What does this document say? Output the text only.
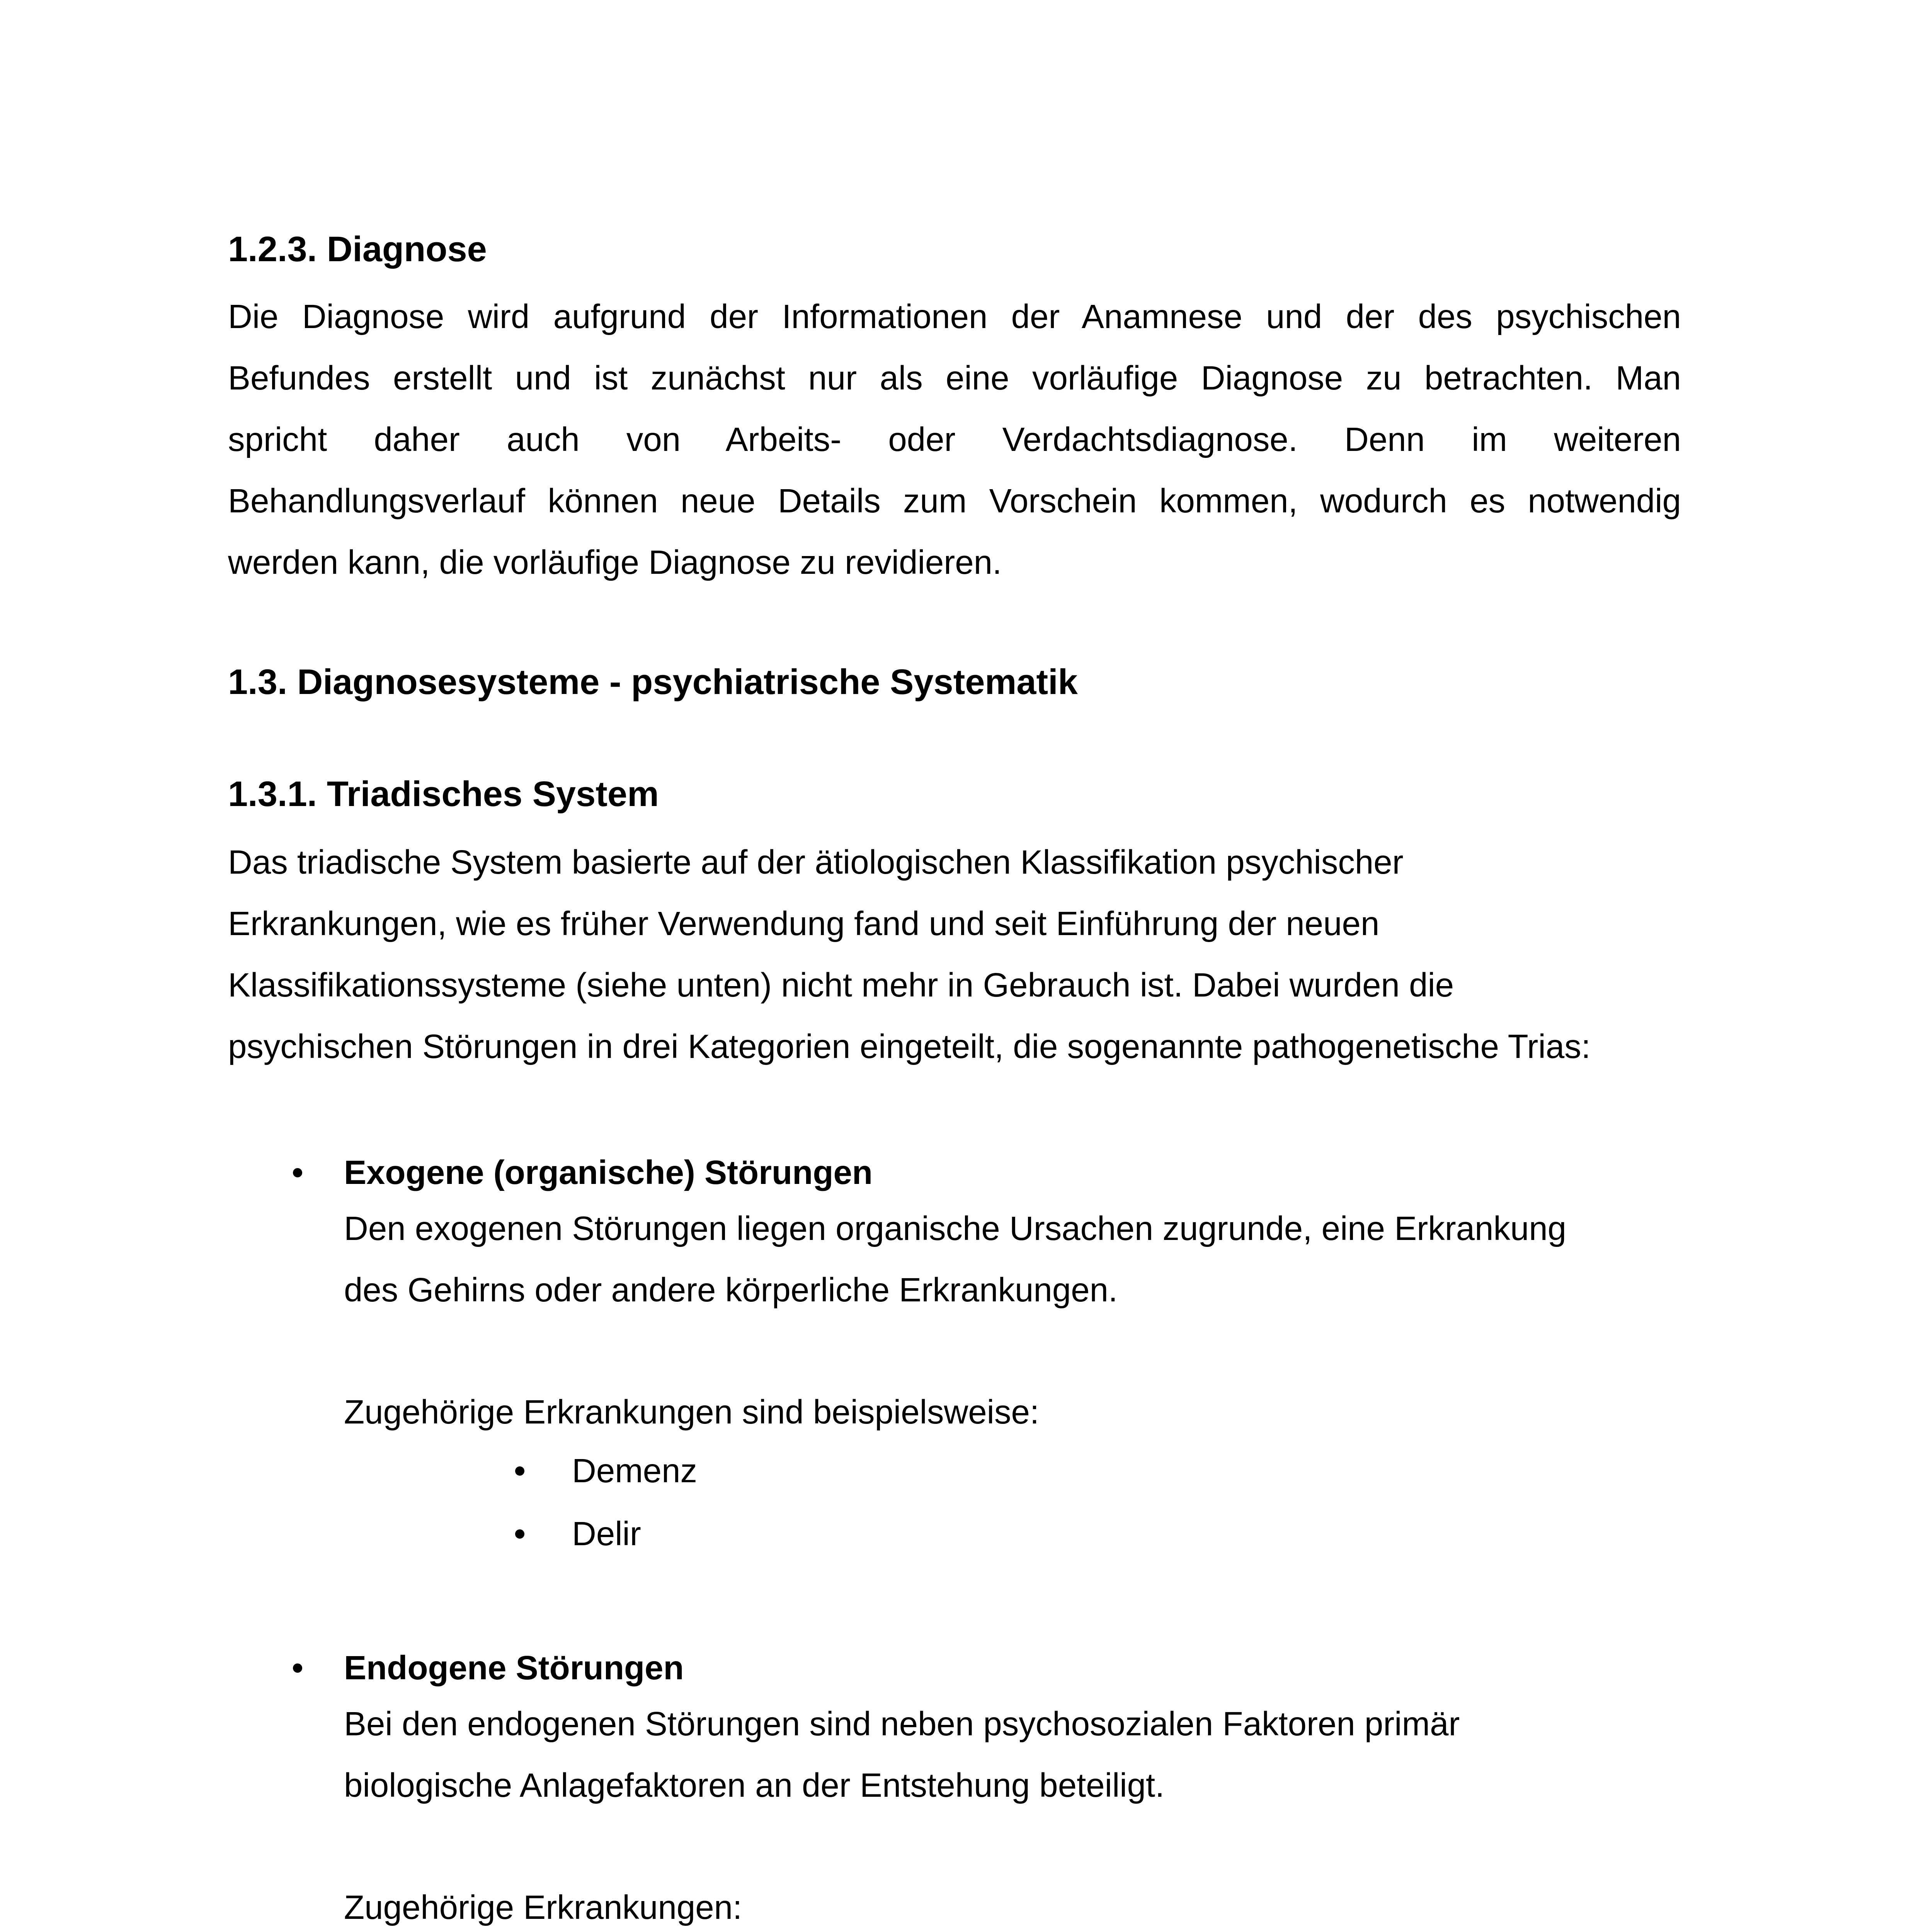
1.2.3. Diagnose
Die Diagnose wird aufgrund der Informationen der Anamnese und der des psychischen
Befundes erstellt und ist zunächst nur als eine vorläufige Diagnose zu betrachten. Man
spricht daher auch von Arbeits- oder Verdachtsdiagnose. Denn im weiteren
Behandlungsverlauf können neue Details zum Vorschein kommen, wodurch es notwendig
werden kann, die vorläufige Diagnose zu revidieren.
1.3. Diagnosesysteme - psychiatrische Systematik
1.3.1. Triadisches System
Das triadische System basierte auf der ätiologischen Klassifikation psychischer
Erkrankungen, wie es früher Verwendung fand und seit Einführung der neuen
Klassifikationssysteme (siehe unten) nicht mehr in Gebrauch ist. Dabei wurden die
psychischen Störungen in drei Kategorien eingeteilt, die sogenannte pathogenetische Trias:
Exogene (organische) Störungen
Den exogenen Störungen liegen organische Ursachen zugrunde, eine Erkrankung
des Gehirns oder andere körperliche Erkrankungen.
Zugehörige Erkrankungen sind beispielsweise:
Demenz
Delir
Endogene Störungen
Bei den endogenen Störungen sind neben psychosozialen Faktoren primär
biologische Anlagefaktoren an der Entstehung beteiligt.
Zugehörige Erkrankungen:
